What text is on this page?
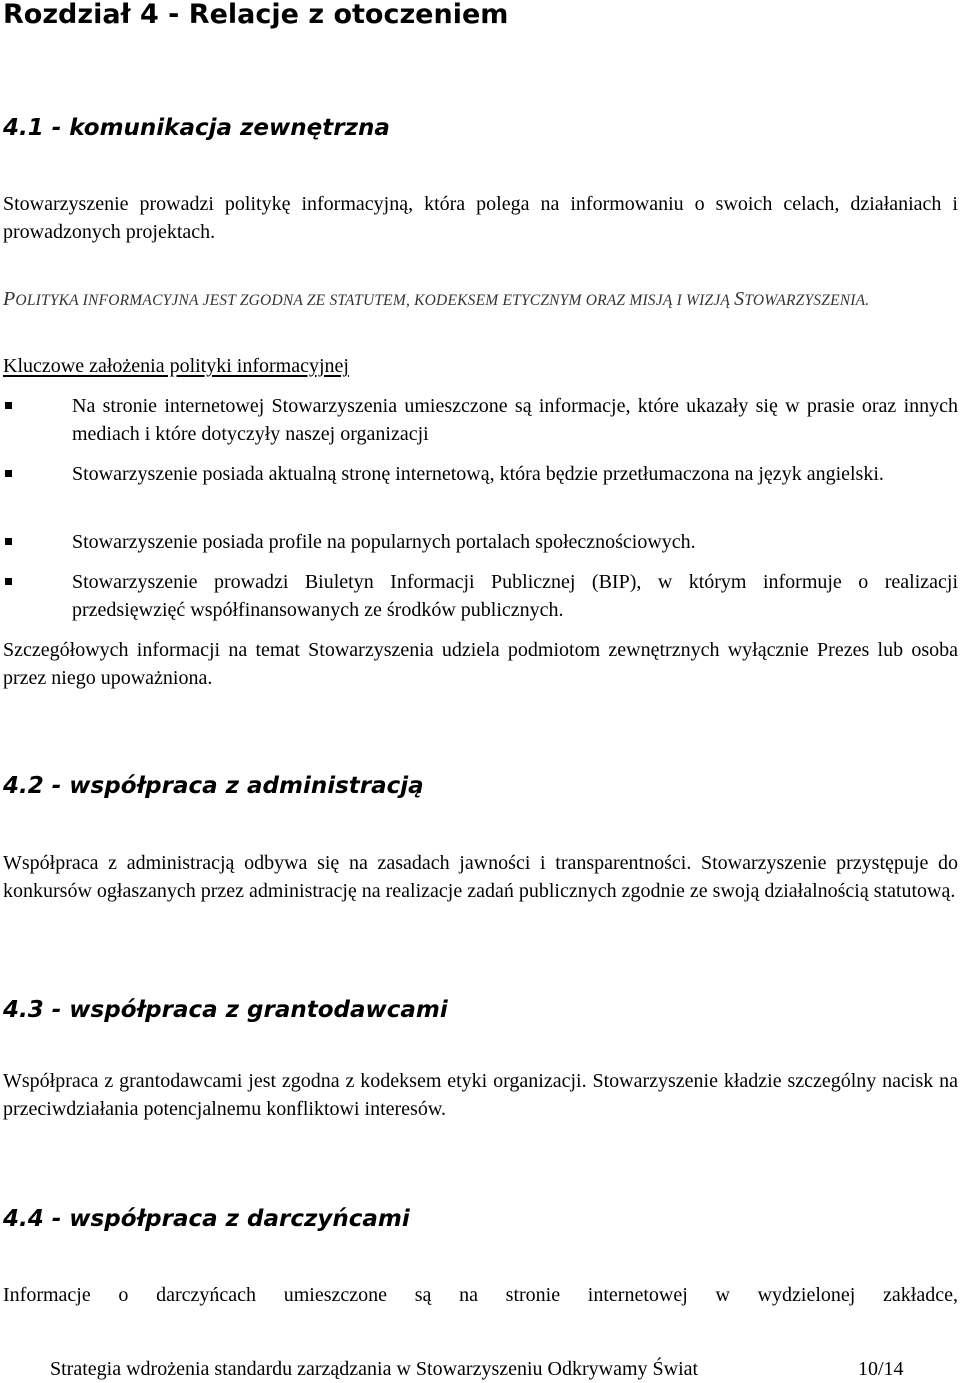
Rozdział 4 - Relacje z otoczeniem
4.1 - komunikacja zewnętrzna
Stowarzyszenie prowadzi politykę informacyjną, która polega na informowaniu o swoich celach, działaniach i prowadzonych projektach.
POLITYKA INFORMACYJNA JEST ZGODNA ZE STATUTEM, KODEKSEM ETYCZNYM ORAZ MISJĄ I WIZJĄ STOWARZYSZENIA.
Kluczowe założenia polityki informacyjnej
Na stronie internetowej Stowarzyszenia umieszczone są informacje, które ukazały się w prasie oraz innych mediach i które dotyczyły naszej organizacji
Stowarzyszenie posiada aktualną stronę internetową, która będzie przetłumaczona na język angielski.
Stowarzyszenie posiada profile na popularnych portalach społecznościowych.
Stowarzyszenie prowadzi Biuletyn Informacji Publicznej (BIP), w którym informuje o realizacji przedsięwzięć współfinansowanych ze środków publicznych.
Szczegółowych informacji na temat Stowarzyszenia udziela podmiotom zewnętrznych wyłącznie Prezes lub osoba przez niego upoważniona.
4.2 - współpraca z administracją
Współpraca z administracją odbywa się na zasadach jawności i transparentności. Stowarzyszenie przystępuje do konkursów ogłaszanych przez administrację na realizacje zadań publicznych zgodnie ze swoją działalnością statutową.
4.3 - współpraca z grantodawcami
Współpraca z grantodawcami jest zgodna z kodeksem etyki organizacji. Stowarzyszenie kładzie szczególny nacisk na przeciwdziałania potencjalnemu konfliktowi interesów.
4.4 - współpraca z darczyńcami
Informacje o darczyńcach umieszczone są na stronie internetowej w wydzielonej zakładce,
Strategia wdrożenia standardu zarządzania w Stowarzyszeniu Odkrywamy Świat	10/14
